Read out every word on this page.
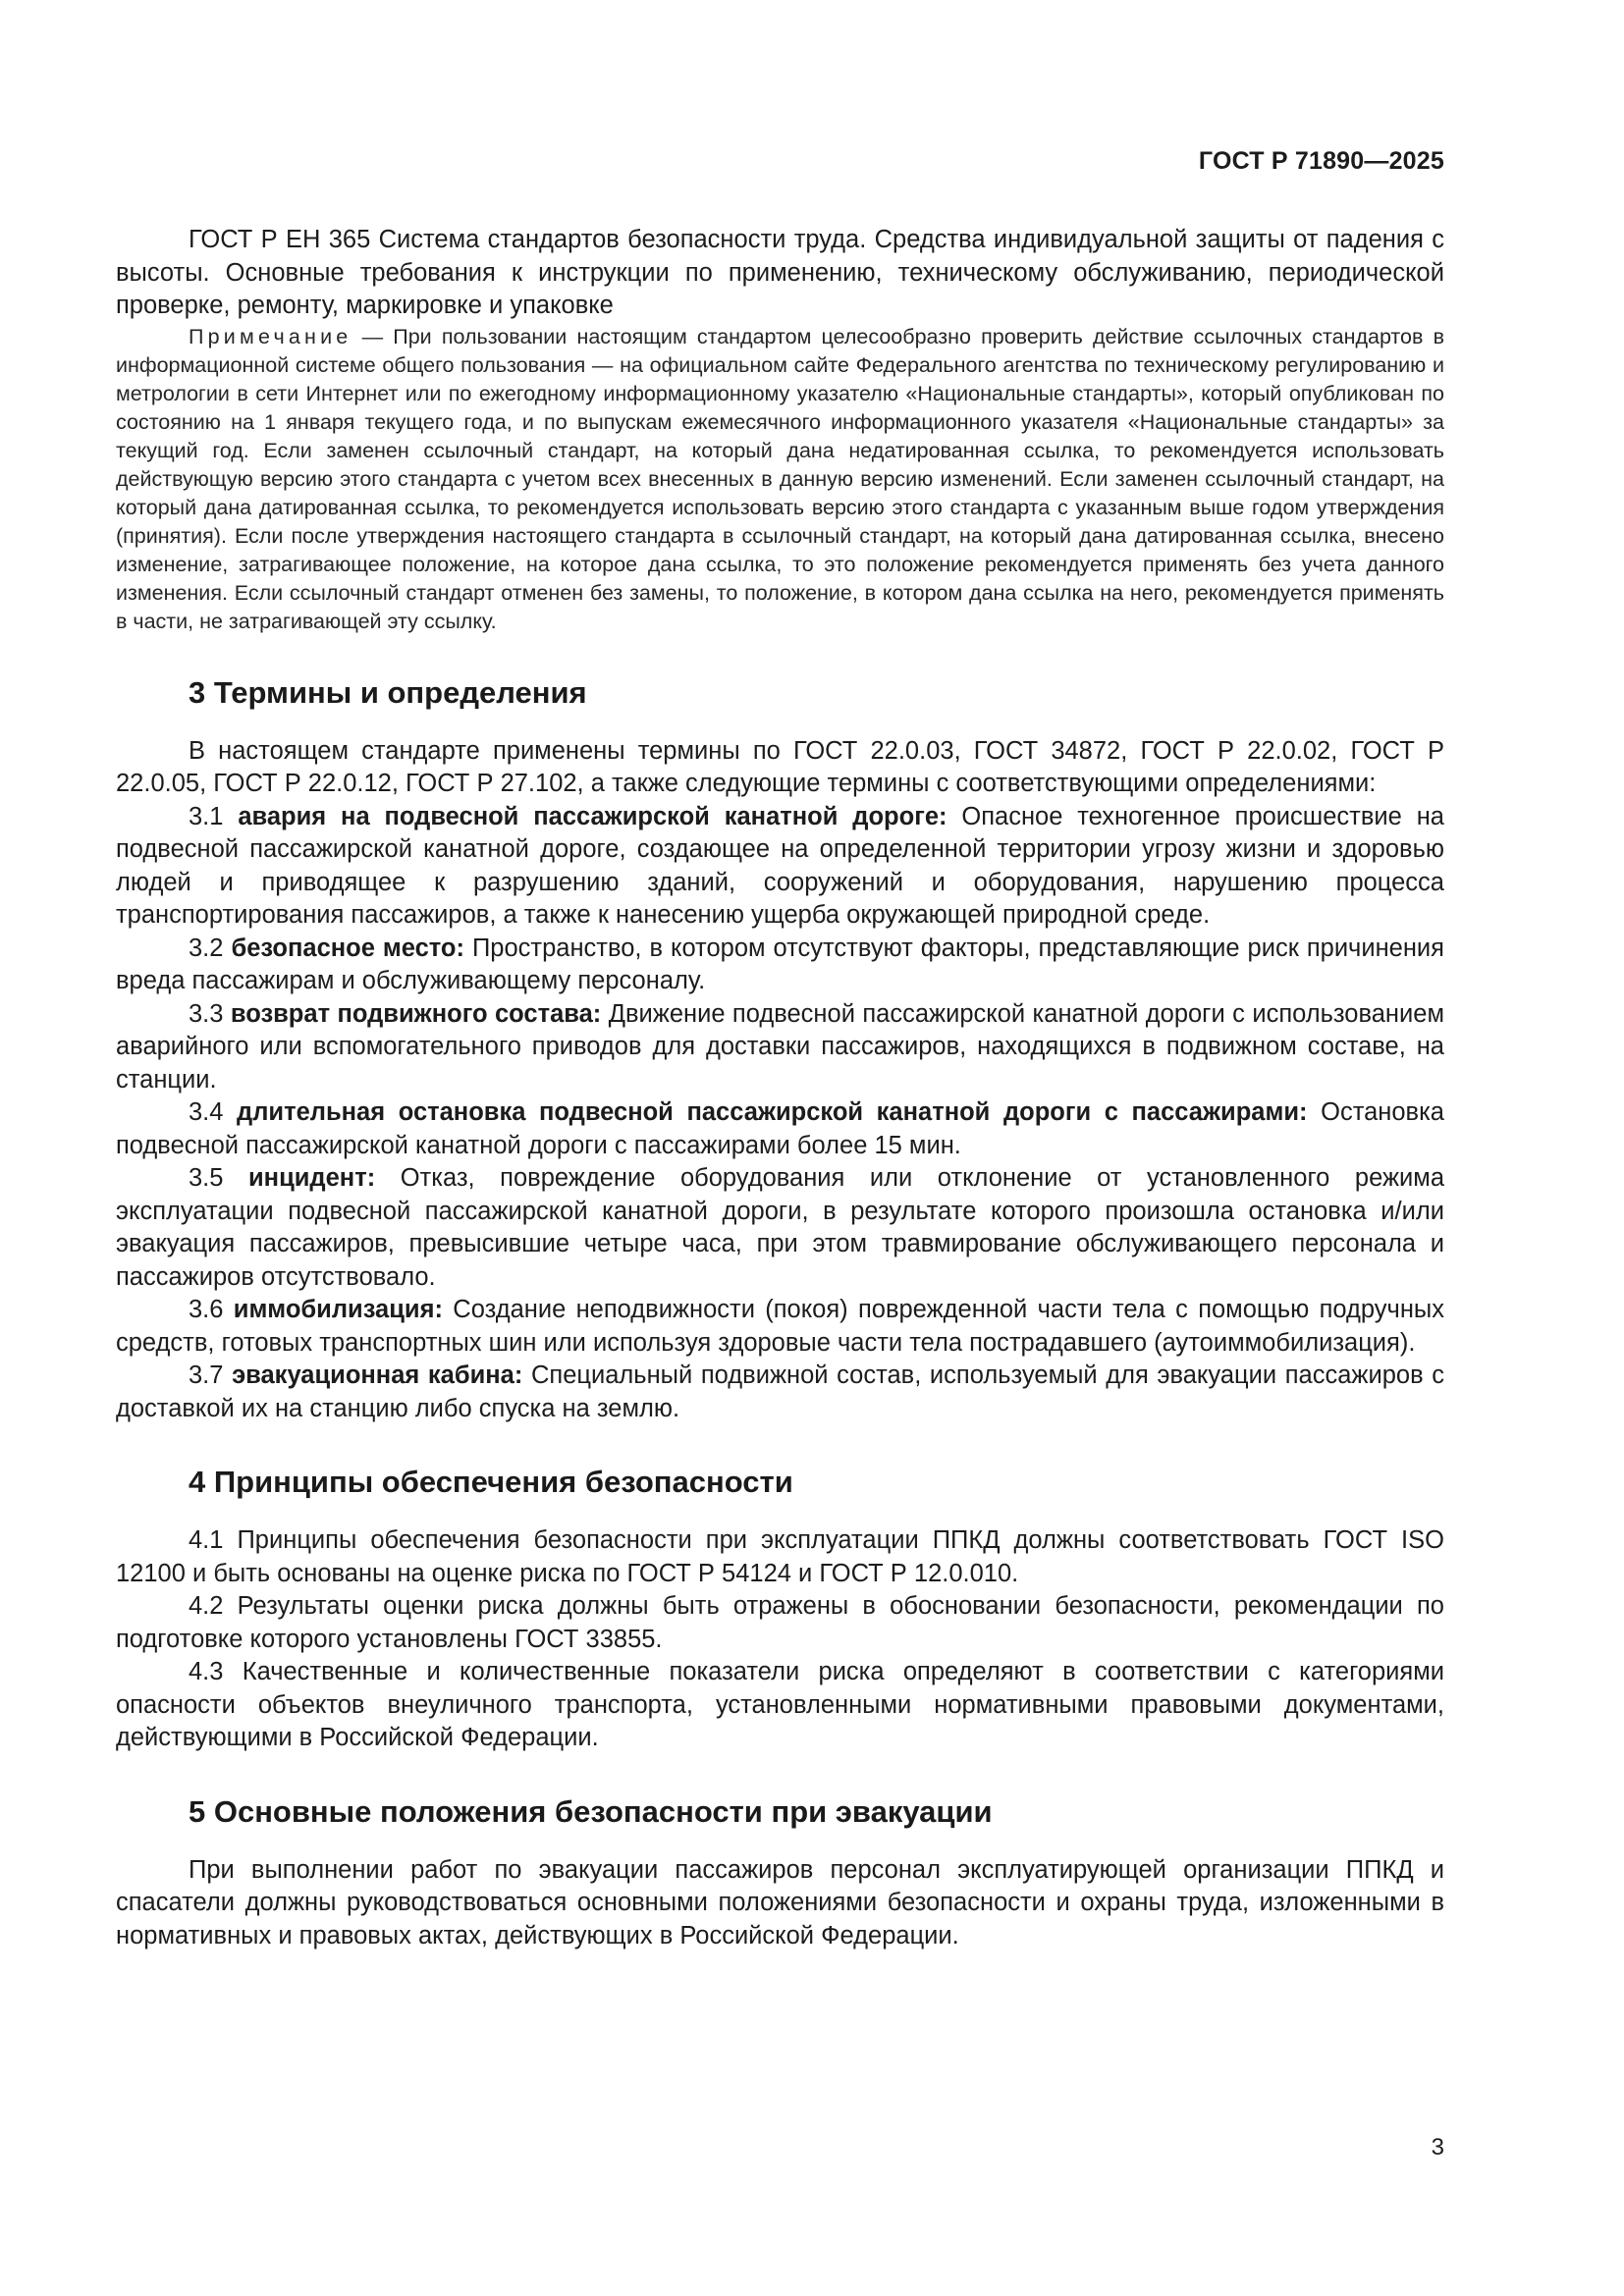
ГОСТ Р 71890—2025

ГОСТ Р ЕН 365 Система стандартов безопасности труда. Средства индивидуальной защиты от падения с высоты. Основные требования к инструкции по применению, техническому обслуживанию, периодической проверке, ремонту, маркировке и упаковке

Примечание — При пользовании настоящим стандартом целесообразно проверить действие ссылочных стандартов в информационной системе общего пользования — на официальном сайте Федерального агентства по техническому регулированию и метрологии в сети Интернет или по ежегодному информационному указателю «Национальные стандарты», который опубликован по состоянию на 1 января текущего года, и по выпускам ежемесячного информационного указателя «Национальные стандарты» за текущий год. Если заменен ссылочный стандарт, на который дана недатированная ссылка, то рекомендуется использовать действующую версию этого стандарта с учетом всех внесенных в данную версию изменений. Если заменен ссылочный стандарт, на который дана датированная ссылка, то рекомендуется использовать версию этого стандарта с указанным выше годом утверждения (принятия). Если после утверждения настоящего стандарта в ссылочный стандарт, на который дана датированная ссылка, внесено изменение, затрагивающее положение, на которое дана ссылка, то это положение рекомендуется применять без учета данного изменения. Если ссылочный стандарт отменен без замены, то положение, в котором дана ссылка на него, рекомендуется применять в части, не затрагивающей эту ссылку.

3 Термины и определения

В настоящем стандарте применены термины по ГОСТ 22.0.03, ГОСТ 34872, ГОСТ Р 22.0.02, ГОСТ Р 22.0.05, ГОСТ Р 22.0.12, ГОСТ Р 27.102, а также следующие термины с соответствующими определениями:

3.1 авария на подвесной пассажирской канатной дороге: Опасное техногенное происшествие на подвесной пассажирской канатной дороге, создающее на определенной территории угрозу жизни и здоровью людей и приводящее к разрушению зданий, сооружений и оборудования, нарушению процесса транспортирования пассажиров, а также к нанесению ущерба окружающей природной среде.

3.2 безопасное место: Пространство, в котором отсутствуют факторы, представляющие риск причинения вреда пассажирам и обслуживающему персоналу.

3.3 возврат подвижного состава: Движение подвесной пассажирской канатной дороги с использованием аварийного или вспомогательного приводов для доставки пассажиров, находящихся в подвижном составе, на станции.

3.4 длительная остановка подвесной пассажирской канатной дороги с пассажирами: Остановка подвесной пассажирской канатной дороги с пассажирами более 15 мин.

3.5 инцидент: Отказ, повреждение оборудования или отклонение от установленного режима эксплуатации подвесной пассажирской канатной дороги, в результате которого произошла остановка и/или эвакуация пассажиров, превысившие четыре часа, при этом травмирование обслуживающего персонала и пассажиров отсутствовало.

3.6 иммобилизация: Создание неподвижности (покоя) поврежденной части тела с помощью подручных средств, готовых транспортных шин или используя здоровые части тела пострадавшего (аутоиммобилизация).

3.7 эвакуационная кабина: Специальный подвижной состав, используемый для эвакуации пассажиров с доставкой их на станцию либо спуска на землю.

4 Принципы обеспечения безопасности

4.1 Принципы обеспечения безопасности при эксплуатации ППКД должны соответствовать ГОСТ ISO 12100 и быть основаны на оценке риска по ГОСТ Р 54124 и ГОСТ Р 12.0.010.

4.2 Результаты оценки риска должны быть отражены в обосновании безопасности, рекомендации по подготовке которого установлены ГОСТ 33855.

4.3 Качественные и количественные показатели риска определяют в соответствии с категориями опасности объектов внеуличного транспорта, установленными нормативными правовыми документами, действующими в Российской Федерации.

5 Основные положения безопасности при эвакуации

При выполнении работ по эвакуации пассажиров персонал эксплуатирующей организации ППКД и спасатели должны руководствоваться основными положениями безопасности и охраны труда, изложенными в нормативных и правовых актах, действующих в Российской Федерации.

3
